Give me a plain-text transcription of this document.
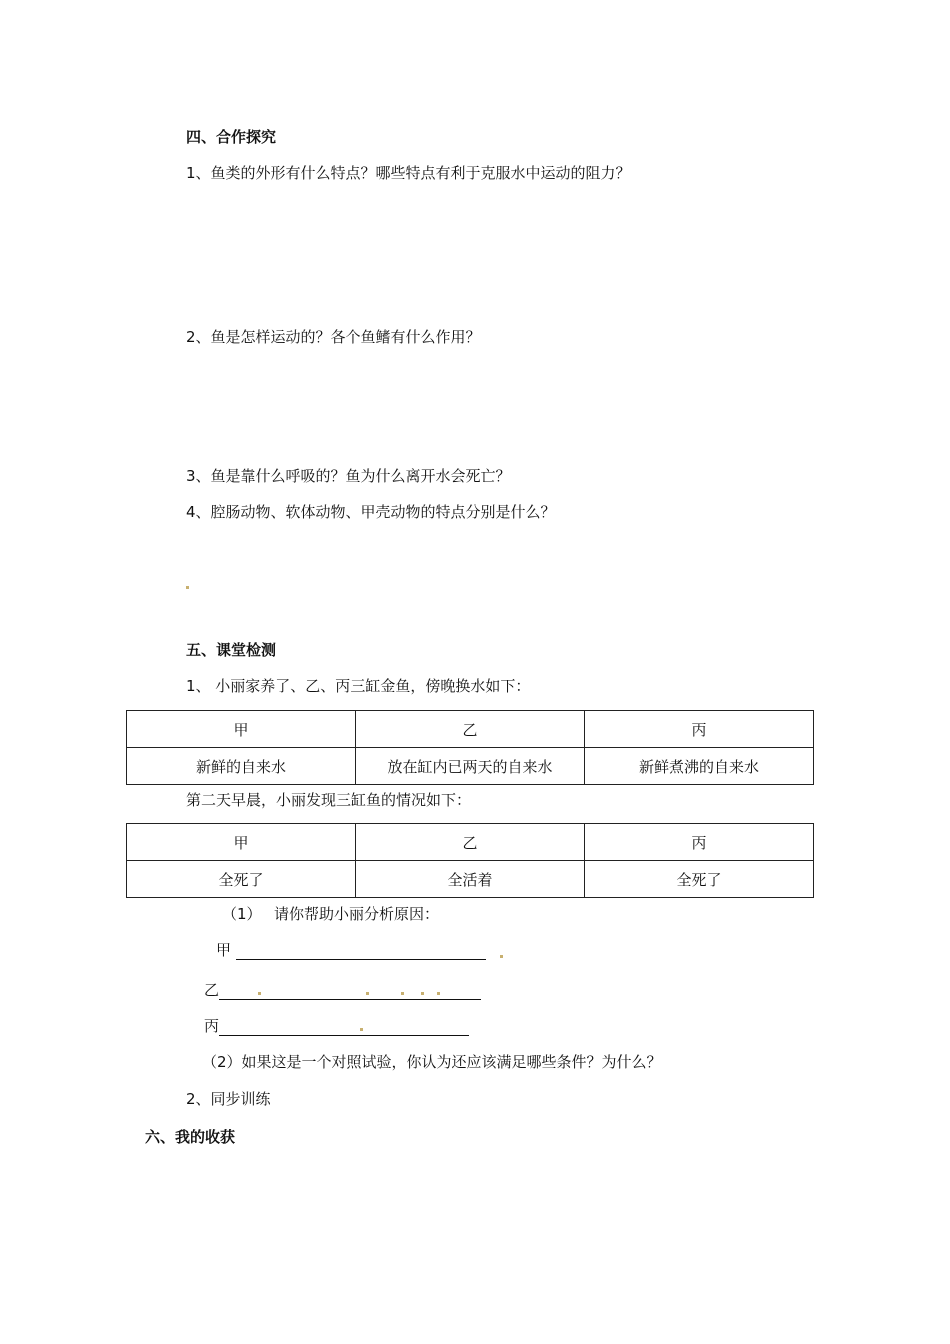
四、合作探究
1、鱼类的外形有什么特点？哪些特点有利于克服水中运动的阻力？
2、鱼是怎样运动的？各个鱼鳍有什么作用？
3、鱼是靠什么呼吸的？鱼为什么离开水会死亡？
4、腔肠动物、软体动物、甲壳动物的特点分别是什么？
五、课堂检测
1、 小丽家养了、乙、丙三缸金鱼，傍晚换水如下：
甲	乙	丙
新鲜的自来水	放在缸内已两天的自来水	新鲜煮沸的自来水
第二天早晨，小丽发现三缸鱼的情况如下：
甲	乙	丙
全死了	全活着	全死了
（1） 请你帮助小丽分析原因：
甲
乙
丙
（2）如果这是一个对照试验，你认为还应该满足哪些条件？为什么？
2、同步训练
六、我的收获
